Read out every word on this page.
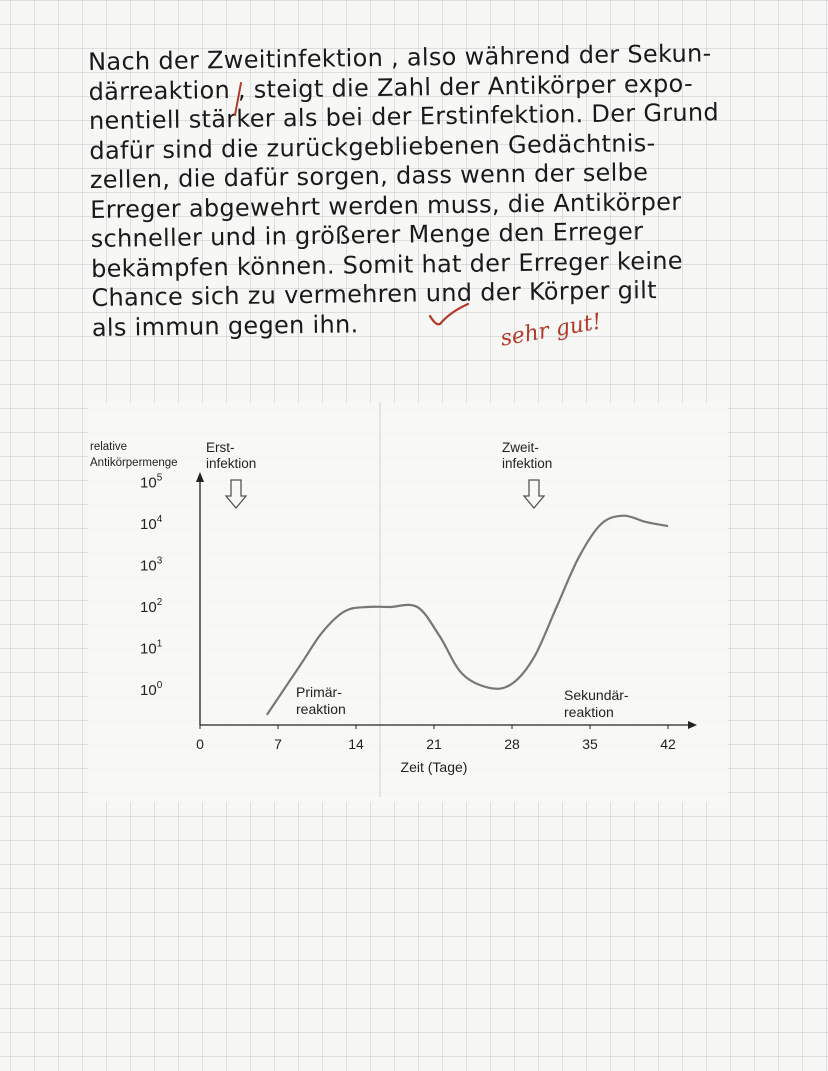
Nach der Zweitinfektion , also während der Sekun-
därreaktion , steigt die Zahl der Antikörper expo-
nentiell stärker als bei der Erstinfektion. Der Grund
dafür sind die zurückgebliebenen Gedächtnis-
zellen, die dafür sorgen, dass wenn der selbe
Erreger abgewehrt werden muss, die Antikörper
schneller und in größerer Menge den Erreger
bekämpfen können. Somit hat der Erreger keine
Chance sich zu vermehren und der Körper gilt
als immun gegen ihn.	sehr gut!
relative
Antikörpermenge
$10^0$
$10^1$
$10^2$
$10^3$
$10^4$
$10^5$
0	7	14	21	28	35	42
Zeit (Tage)
Erst-
infektion
Zweit-
infektion
Primär-
reaktion
Sekundär-
reaktion
